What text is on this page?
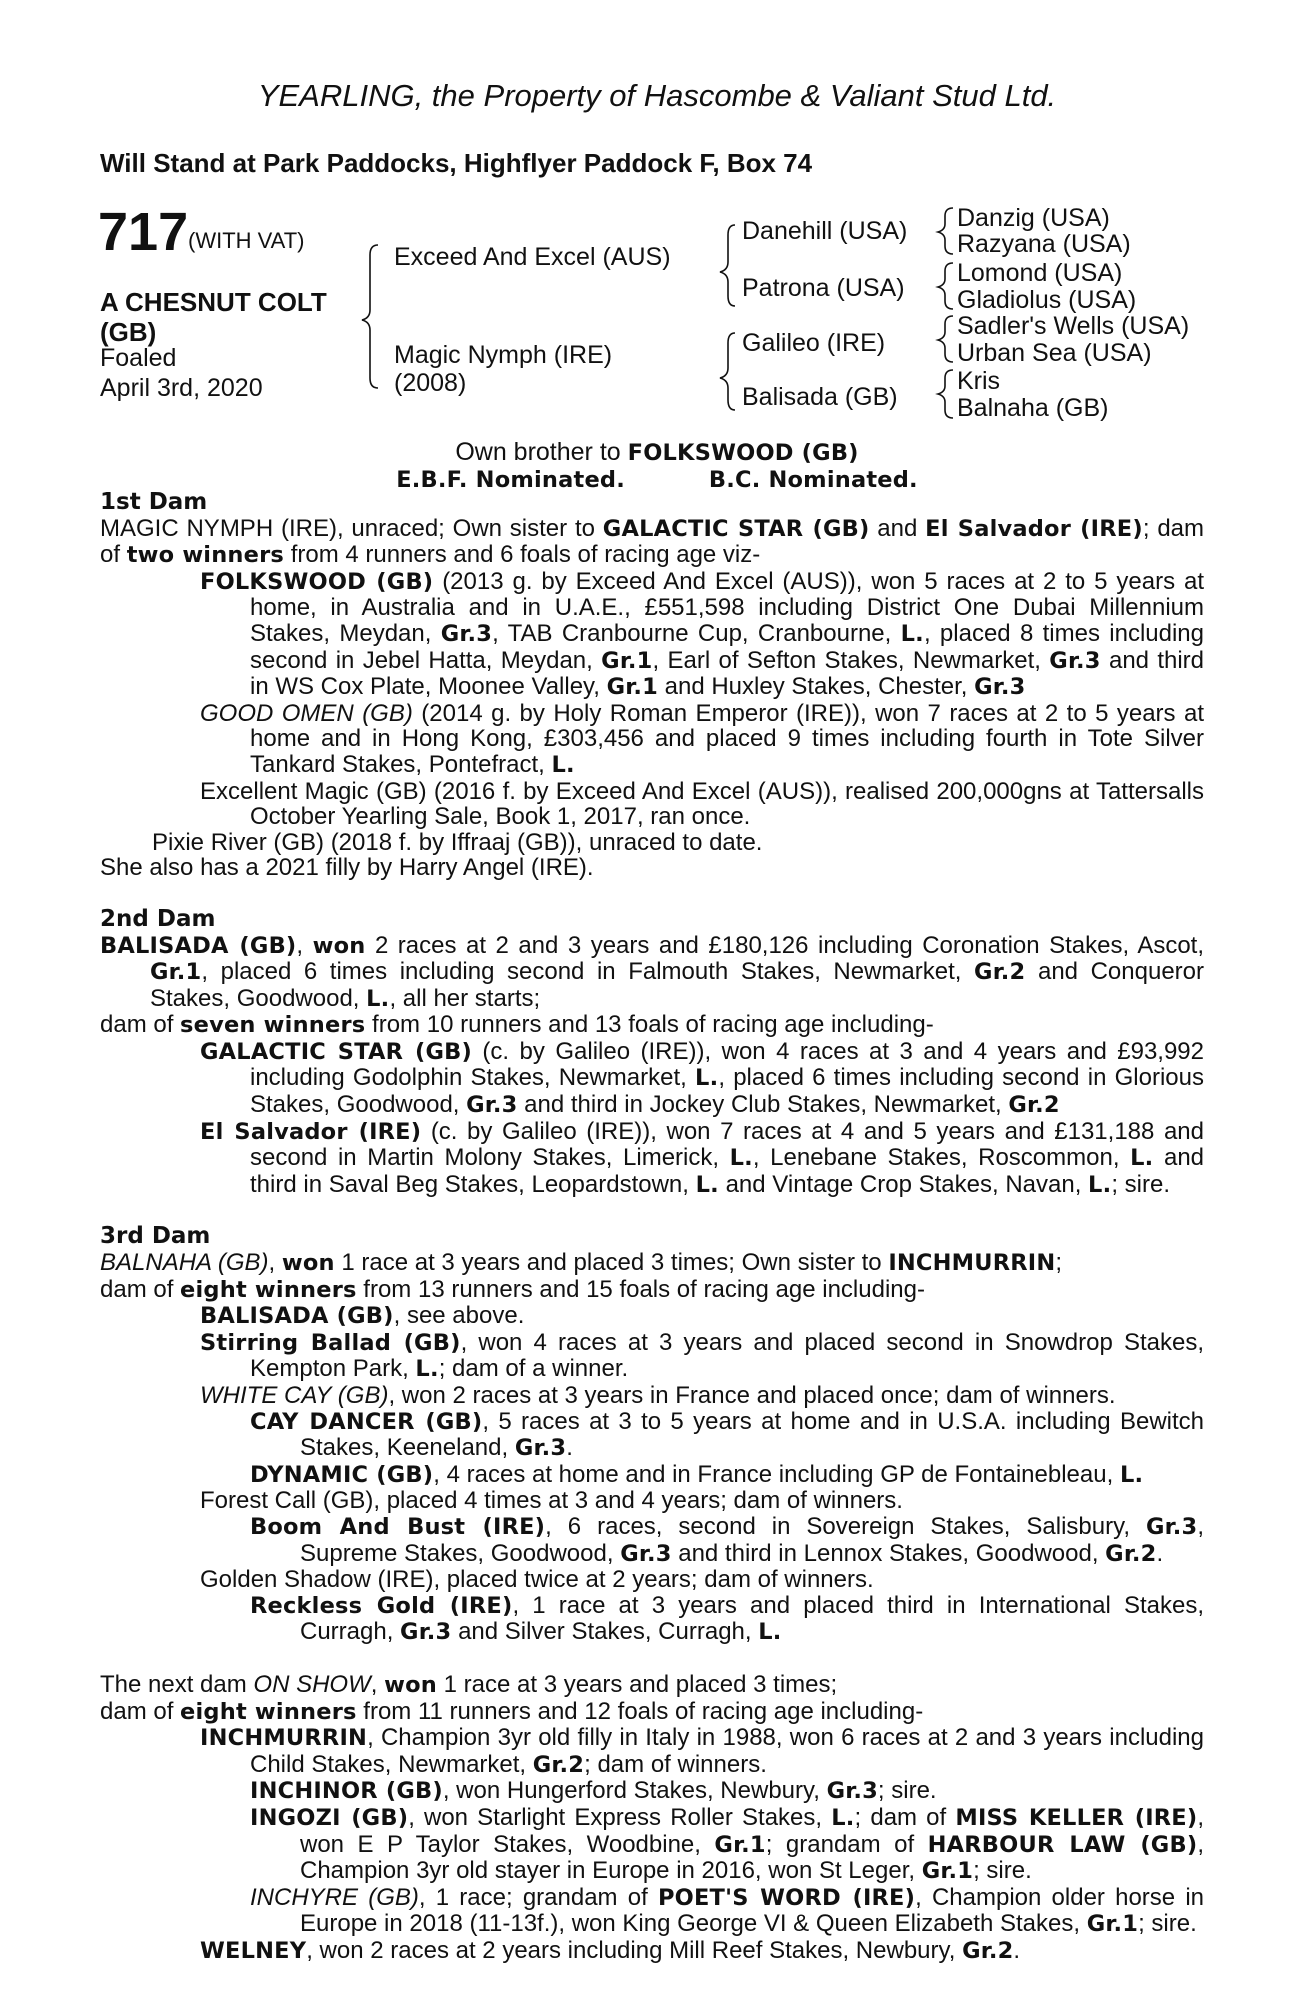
YEARLING, the Property of Hascombe & Valiant Stud Ltd.
Will Stand at Park Paddocks, Highflyer Paddock F, Box 74
717 (WITH VAT)
A CHESNUT COLT
(GB)
Foaled
April 3rd, 2020
Exceed And Excel (AUS)
Magic Nymph (IRE)
(2008)
Danehill (USA)
Patrona (USA)
Galileo (IRE)
Balisada (GB)
Danzig (USA)
Razyana (USA)
Lomond (USA)
Gladiolus (USA)
Sadler's Wells (USA)
Urban Sea (USA)
Kris
Balnaha (GB)
Own brother to FOLKSWOOD (GB)
E.B.F. Nominated.	B.C. Nominated.
1st Dam

MAGIC NYMPH (IRE), unraced; Own sister to GALACTIC STAR (GB) and El Salvador (IRE); dam of two winners from 4 runners and 6 foals of racing age viz-

FOLKSWOOD (GB) (2013 g. by Exceed And Excel (AUS)), won 5 races at 2 to 5 years at home, in Australia and in U.A.E., £551,598 including District One Dubai Millennium Stakes, Meydan, Gr.3, TAB Cranbourne Cup, Cranbourne, L., placed 8 times including second in Jebel Hatta, Meydan, Gr.1, Earl of Sefton Stakes, Newmarket, Gr.3 and third in WS Cox Plate, Moonee Valley, Gr.1 and Huxley Stakes, Chester, Gr.3

GOOD OMEN (GB) (2014 g. by Holy Roman Emperor (IRE)), won 7 races at 2 to 5 years at home and in Hong Kong, £303,456 and placed 9 times including fourth in Tote Silver Tankard Stakes, Pontefract, L.

Excellent Magic (GB) (2016 f. by Exceed And Excel (AUS)), realised 200,000gns at Tattersalls October Yearling Sale, Book 1, 2017, ran once.

Pixie River (GB) (2018 f. by Iffraaj (GB)), unraced to date.

She also has a 2021 filly by Harry Angel (IRE).

2nd Dam

BALISADA (GB), won 2 races at 2 and 3 years and £180,126 including Coronation Stakes, Ascot, Gr.1, placed 6 times including second in Falmouth Stakes, Newmarket, Gr.2 and Conqueror Stakes, Goodwood, L., all her starts;

dam of seven winners from 10 runners and 13 foals of racing age including-

GALACTIC STAR (GB) (c. by Galileo (IRE)), won 4 races at 3 and 4 years and £93,992 including Godolphin Stakes, Newmarket, L., placed 6 times including second in Glorious Stakes, Goodwood, Gr.3 and third in Jockey Club Stakes, Newmarket, Gr.2

El Salvador (IRE) (c. by Galileo (IRE)), won 7 races at 4 and 5 years and £131,188 and second in Martin Molony Stakes, Limerick, L., Lenebane Stakes, Roscommon, L. and third in Saval Beg Stakes, Leopardstown, L. and Vintage Crop Stakes, Navan, L.; sire.

3rd Dam

BALNAHA (GB), won 1 race at 3 years and placed 3 times; Own sister to INCHMURRIN;

dam of eight winners from 13 runners and 15 foals of racing age including-

BALISADA (GB), see above.

Stirring Ballad (GB), won 4 races at 3 years and placed second in Snowdrop Stakes, Kempton Park, L.; dam of a winner.

WHITE CAY (GB), won 2 races at 3 years in France and placed once; dam of winners.

CAY DANCER (GB), 5 races at 3 to 5 years at home and in U.S.A. including Bewitch Stakes, Keeneland, Gr.3.

DYNAMIC (GB), 4 races at home and in France including GP de Fontainebleau, L.

Forest Call (GB), placed 4 times at 3 and 4 years; dam of winners.

Boom And Bust (IRE), 6 races, second in Sovereign Stakes, Salisbury, Gr.3, Supreme Stakes, Goodwood, Gr.3 and third in Lennox Stakes, Goodwood, Gr.2.

Golden Shadow (IRE), placed twice at 2 years; dam of winners.

Reckless Gold (IRE), 1 race at 3 years and placed third in International Stakes, Curragh, Gr.3 and Silver Stakes, Curragh, L.

The next dam ON SHOW, won 1 race at 3 years and placed 3 times;

dam of eight winners from 11 runners and 12 foals of racing age including-

INCHMURRIN, Champion 3yr old filly in Italy in 1988, won 6 races at 2 and 3 years including Child Stakes, Newmarket, Gr.2; dam of winners.

INCHINOR (GB), won Hungerford Stakes, Newbury, Gr.3; sire.

INGOZI (GB), won Starlight Express Roller Stakes, L.; dam of MISS KELLER (IRE), won E P Taylor Stakes, Woodbine, Gr.1; grandam of HARBOUR LAW (GB), Champion 3yr old stayer in Europe in 2016, won St Leger, Gr.1; sire.

INCHYRE (GB), 1 race; grandam of POET'S WORD (IRE), Champion older horse in Europe in 2018 (11-13f.), won King George VI & Queen Elizabeth Stakes, Gr.1; sire.

WELNEY, won 2 races at 2 years including Mill Reef Stakes, Newbury, Gr.2.
